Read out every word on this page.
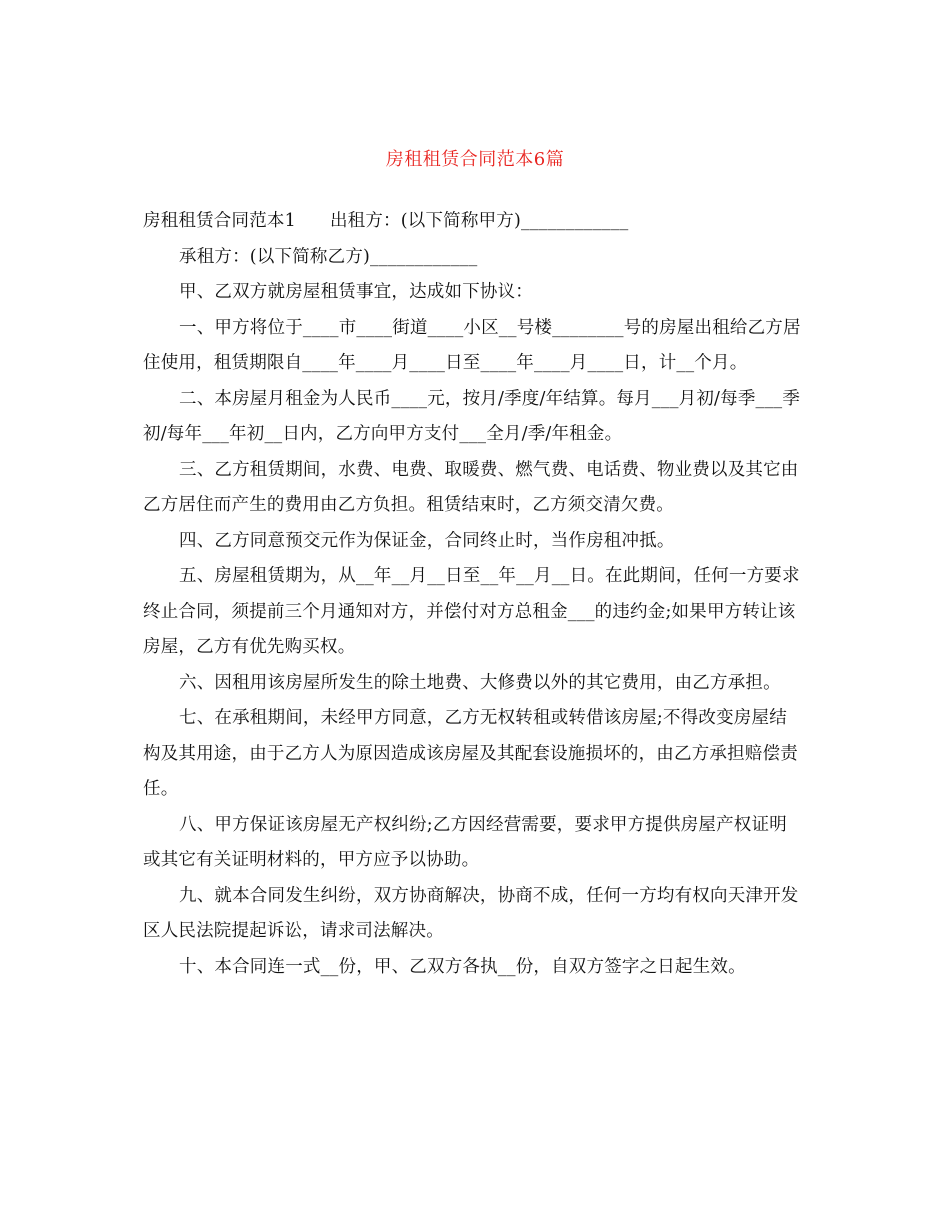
房租租赁合同范本6篇

房租租赁合同范本1 出租方：(以下简称甲方)____________

承租方：(以下简称乙方)____________

甲、乙双方就房屋租赁事宜，达成如下协议：

一、甲方将位于____市____街道____小区__号楼________号的房屋出租给乙方居住使用，租赁期限自____年____月____日至____年____月____日，计__个月。

二、本房屋月租金为人民币____元，按月/季度/年结算。每月___月初/每季___季初/每年___年初__日内，乙方向甲方支付___全月/季/年租金。

三、乙方租赁期间，水费、电费、取暖费、燃气费、电话费、物业费以及其它由乙方居住而产生的费用由乙方负担。租赁结束时，乙方须交清欠费。

四、乙方同意预交元作为保证金，合同终止时，当作房租冲抵。

五、房屋租赁期为，从__年__月__日至__年__月__日。在此期间，任何一方要求终止合同，须提前三个月通知对方，并偿付对方总租金___的违约金;如果甲方转让该房屋，乙方有优先购买权。

六、因租用该房屋所发生的除土地费、大修费以外的其它费用，由乙方承担。

七、在承租期间，未经甲方同意，乙方无权转租或转借该房屋;不得改变房屋结构及其用途，由于乙方人为原因造成该房屋及其配套设施损坏的，由乙方承担赔偿责任。

八、甲方保证该房屋无产权纠纷;乙方因经营需要，要求甲方提供房屋产权证明或其它有关证明材料的，甲方应予以协助。

九、就本合同发生纠纷，双方协商解决，协商不成，任何一方均有权向天津开发区人民法院提起诉讼，请求司法解决。

十、本合同连一式__份，甲、乙双方各执__份，自双方签字之日起生效。
